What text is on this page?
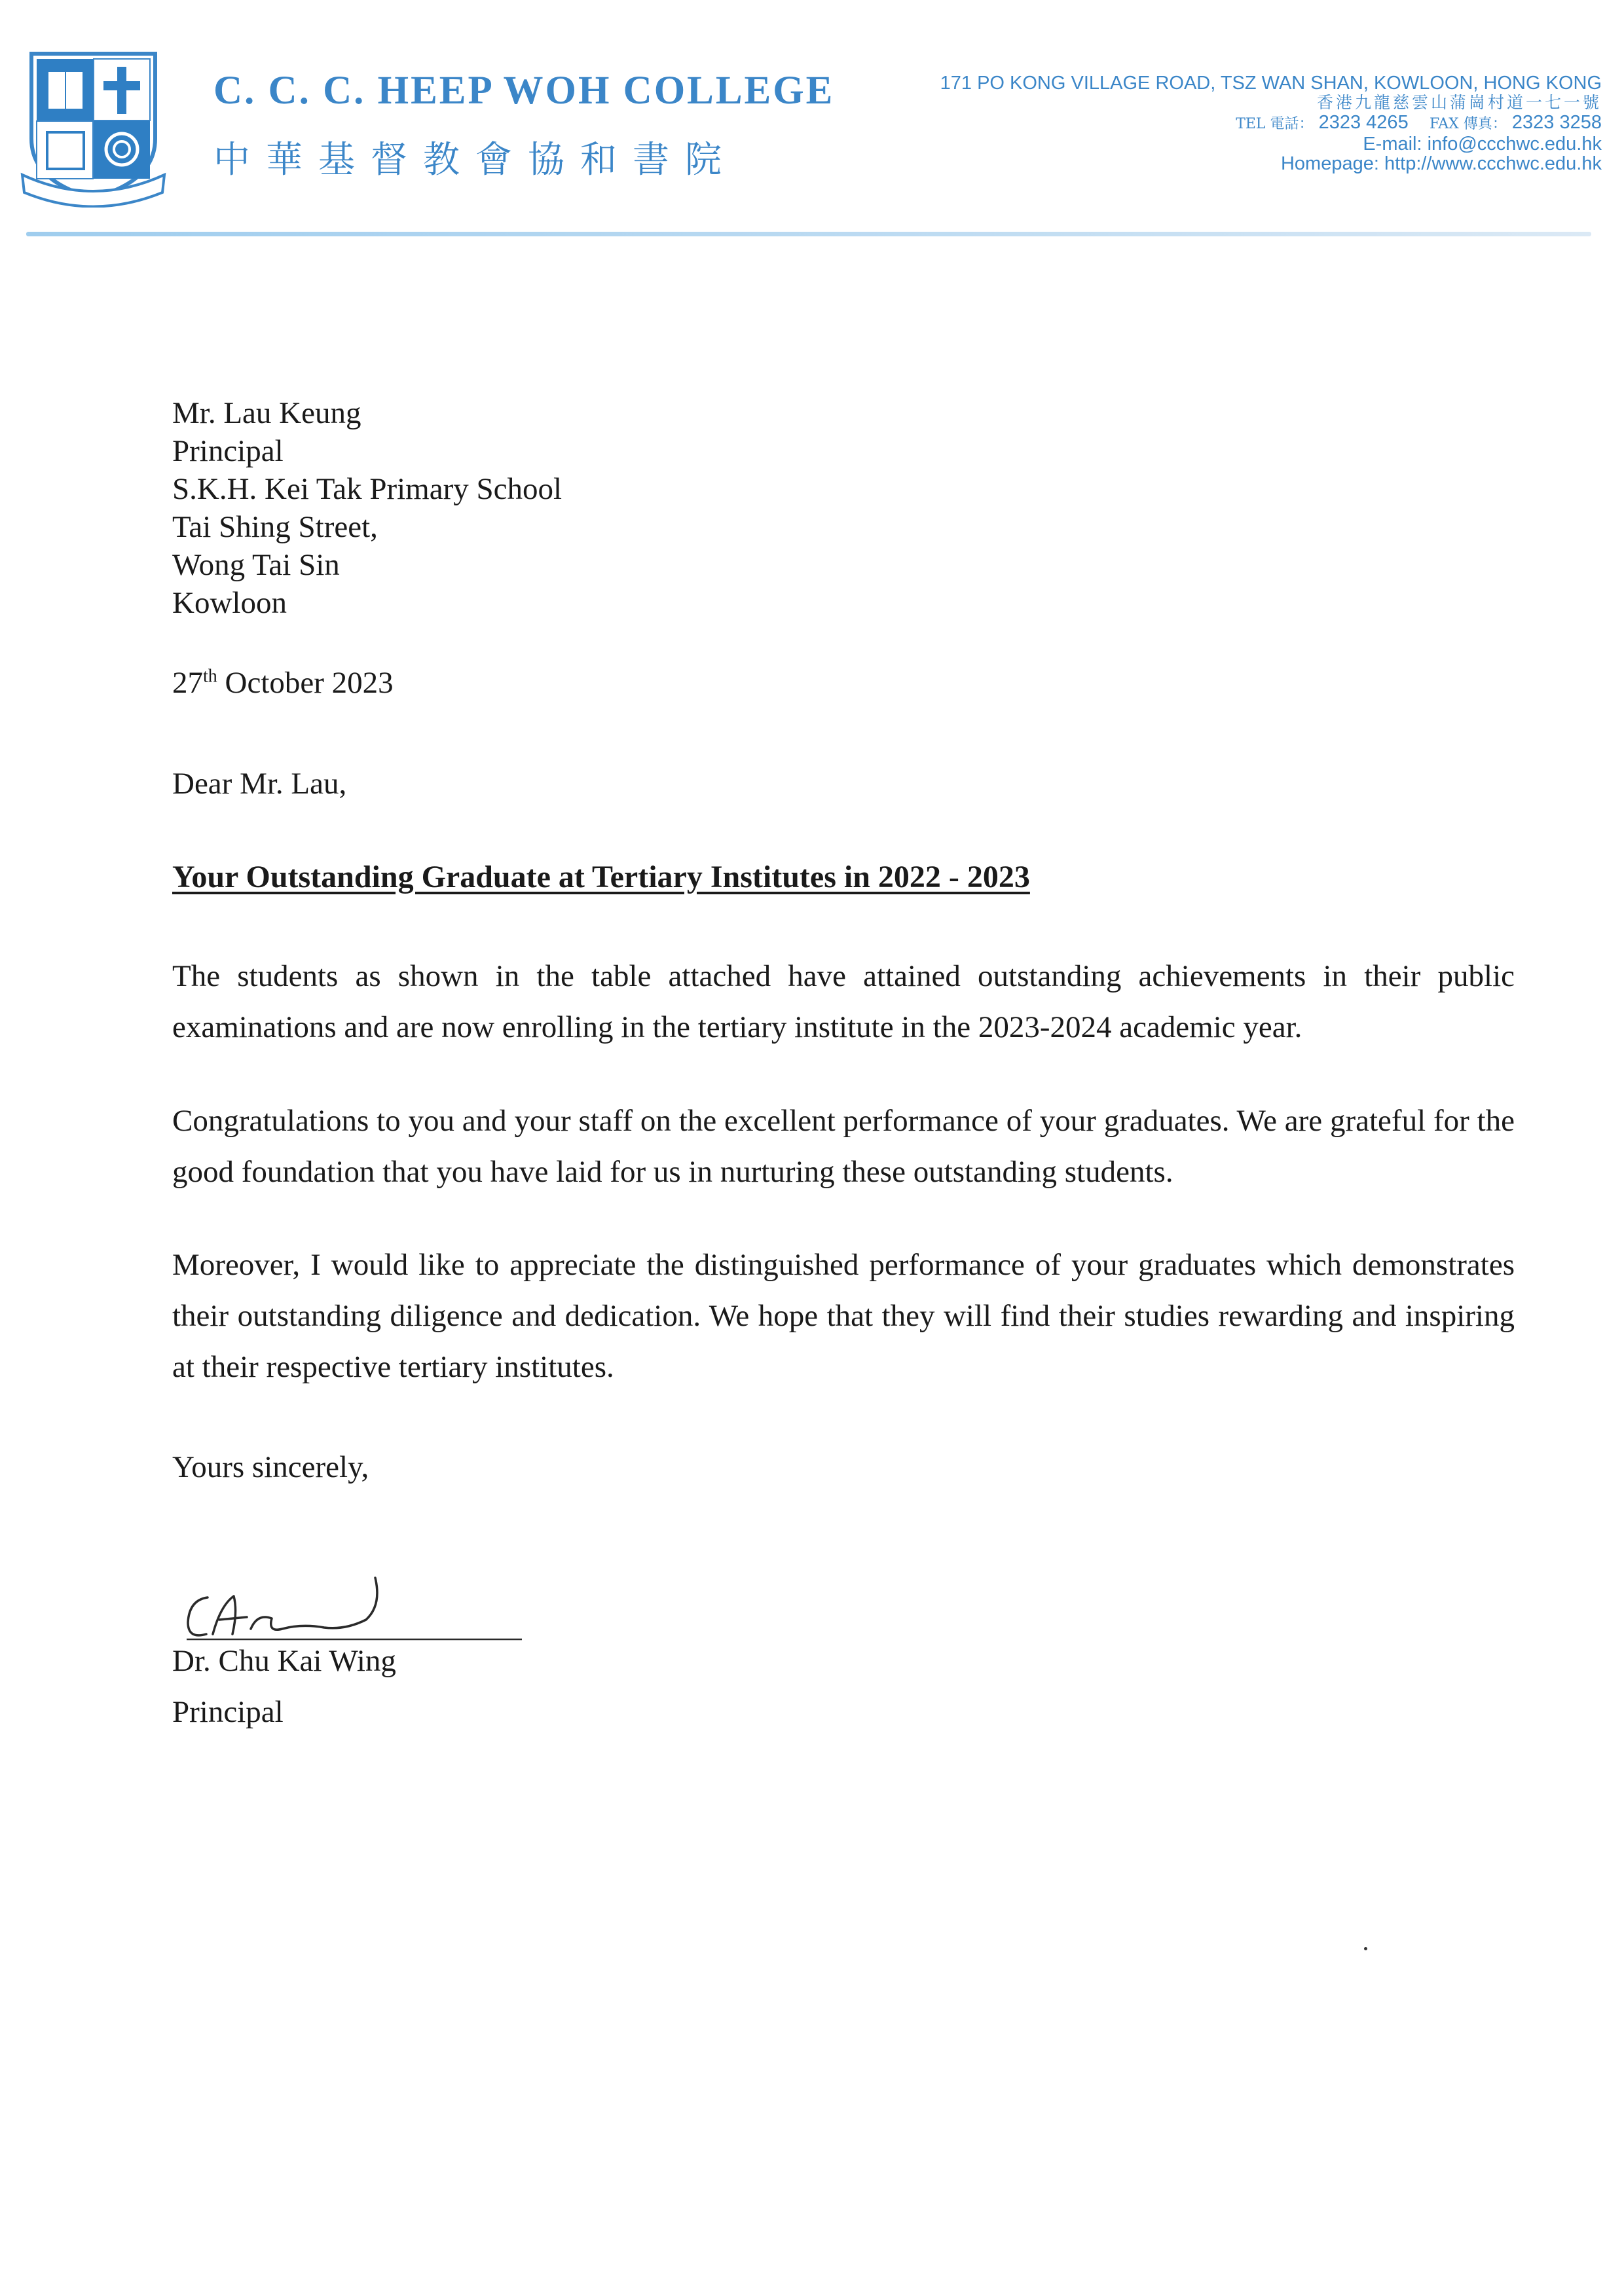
C. C. C. HEEP WOH COLLEGE
中華基督教會協和書院
171 PO KONG VILLAGE ROAD, TSZ WAN SHAN, KOWLOON, HONG KONG
香港九龍慈雲山蒲崗村道一七一號
TEL 電話： 2323 4265 FAX 傳真： 2323 3258
E-mail: info@ccchwc.edu.hk
Homepage: http://www.ccchwc.edu.hk
Mr. Lau Keung
Principal
S.K.H. Kei Tak Primary School
Tai Shing Street,
Wong Tai Sin
Kowloon
27th October 2023
Dear Mr. Lau,
Your Outstanding Graduate at Tertiary Institutes in 2022 - 2023
The students as shown in the table attached have attained outstanding achievements in their public examinations and are now enrolling in the tertiary institute in the 2023-2024 academic year.
Congratulations to you and your staff on the excellent performance of your graduates. We are grateful for the good foundation that you have laid for us in nurturing these outstanding students.
Moreover, I would like to appreciate the distinguished performance of your graduates which demonstrates their outstanding diligence and dedication. We hope that they will find their studies rewarding and inspiring at their respective tertiary institutes.
Yours sincerely,
Dr. Chu Kai Wing
Principal
